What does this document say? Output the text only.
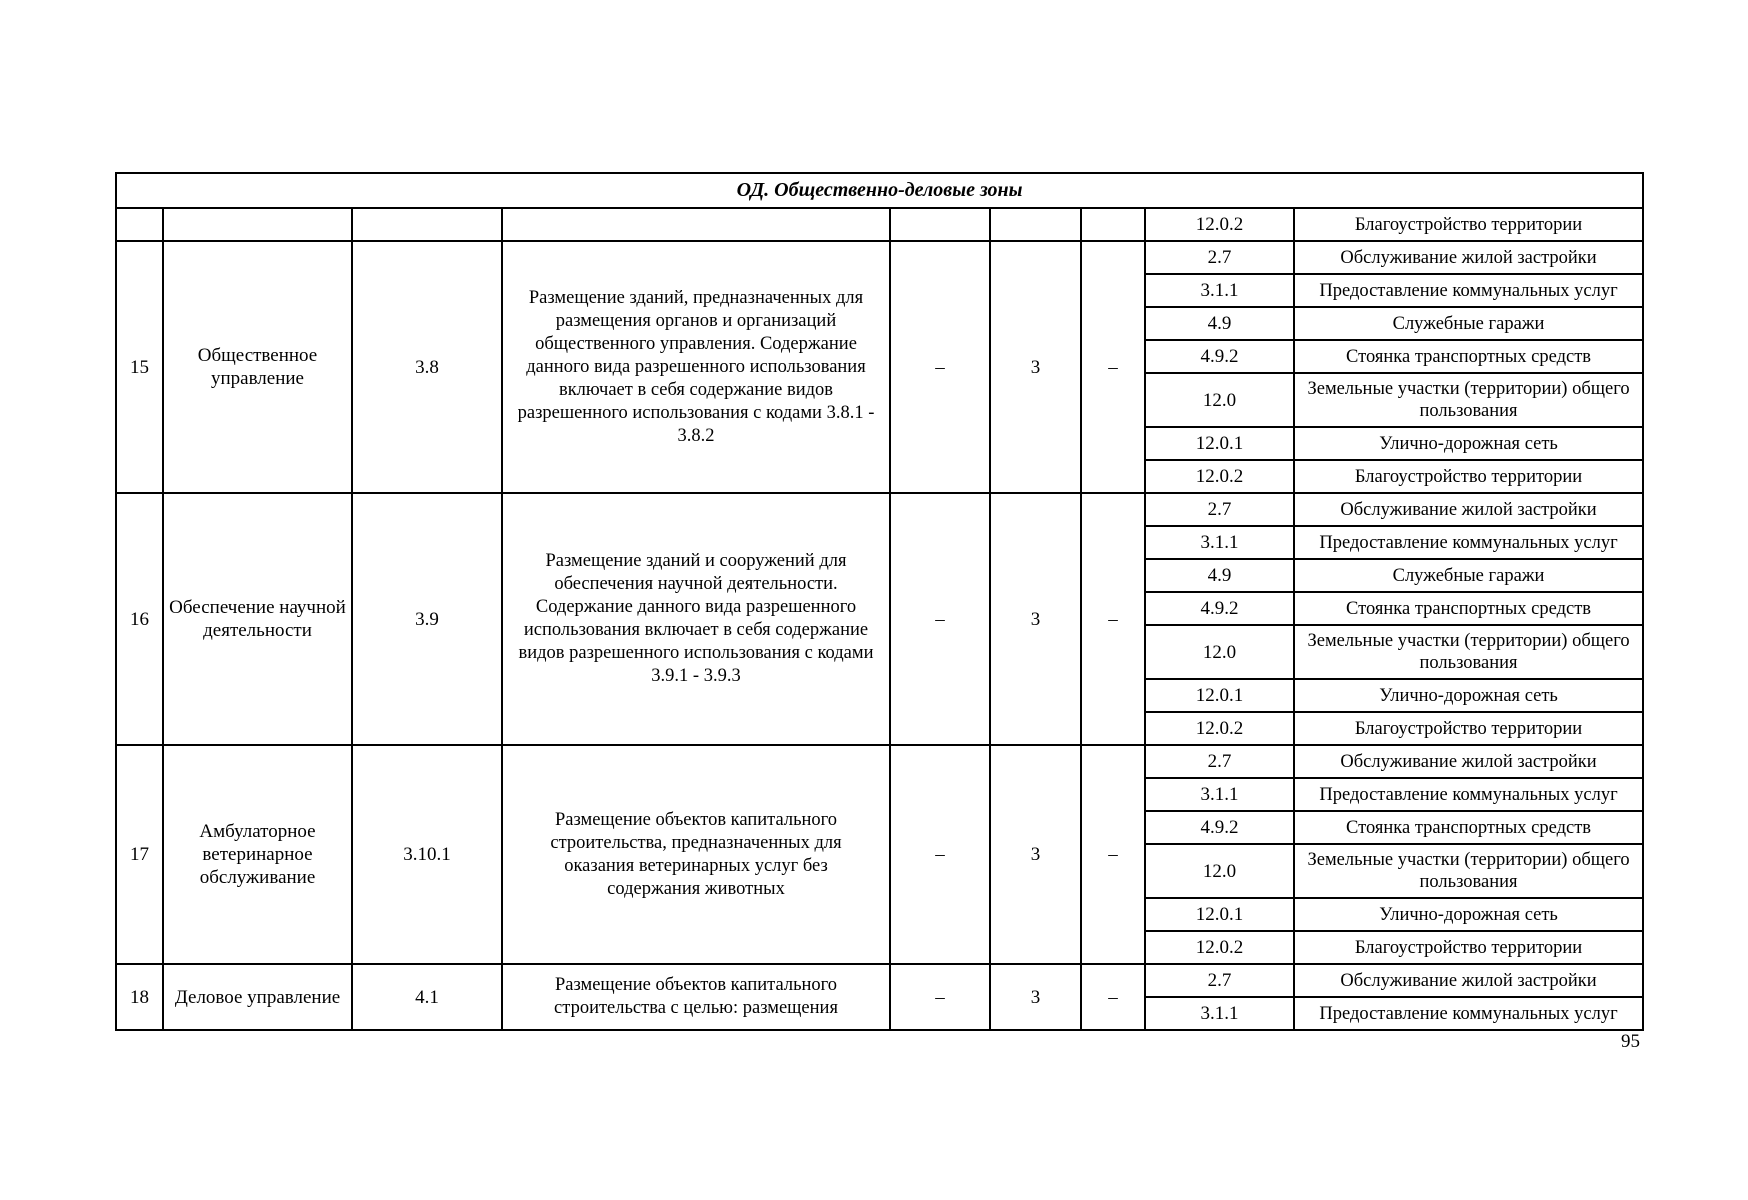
ОД. Общественно-деловые зоны								
							12.0.2	Благоустройство территории
15	Общественное управление	3.8	Размещение зданий, предназначенных для размещения органов и организаций общественного управления. Содержание данного вида разрешенного использования включает в себя содержание видов разрешенного использования с кодами 3.8.1 - 3.8.2	–	3	–	2.7	Обслуживание жилой застройки
							3.1.1	Предоставление коммунальных услуг
							4.9	Служебные гаражи
							4.9.2	Стоянка транспортных средств
							12.0	Земельные участки (территории) общего пользования
							12.0.1	Улично-дорожная сеть
							12.0.2	Благоустройство территории
16	Обеспечение научной деятельности	3.9	Размещение зданий и сооружений для обеспечения научной деятельности. Содержание данного вида разрешенного использования включает в себя содержание видов разрешенного использования с кодами 3.9.1 - 3.9.3	–	3	–	2.7	Обслуживание жилой застройки
							3.1.1	Предоставление коммунальных услуг
							4.9	Служебные гаражи
							4.9.2	Стоянка транспортных средств
							12.0	Земельные участки (территории) общего пользования
							12.0.1	Улично-дорожная сеть
							12.0.2	Благоустройство территории
17	Амбулаторное ветеринарное обслуживание	3.10.1	Размещение объектов капитального строительства, предназначенных для оказания ветеринарных услуг без содержания животных	–	3	–	2.7	Обслуживание жилой застройки
							3.1.1	Предоставление коммунальных услуг
							4.9.2	Стоянка транспортных средств
							12.0	Земельные участки (территории) общего пользования
							12.0.1	Улично-дорожная сеть
							12.0.2	Благоустройство территории
18	Деловое управление	4.1	Размещение объектов капитального строительства с целью: размещения	–	3	–	2.7	Обслуживание жилой застройки
							3.1.1	Предоставление коммунальных услуг
95
